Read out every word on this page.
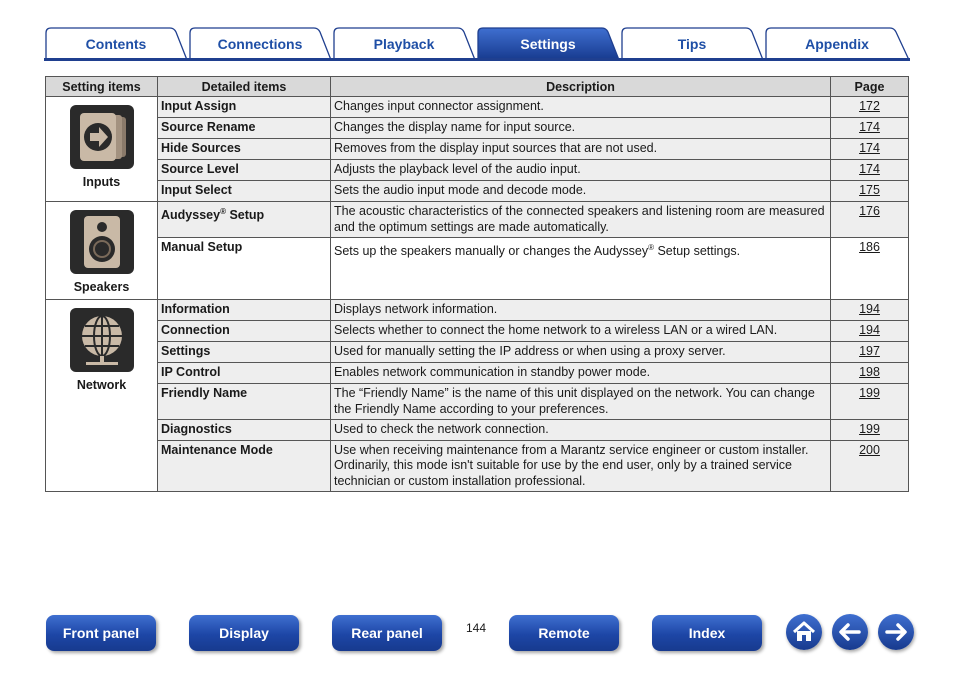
Contents	Connections	Playback	Settings	Tips	Appendix
Setting items	Detailed items	Description	Page

Inputs	Input Assign	Changes input connector assignment.	172
	Source Rename	Changes the display name for input source.	174
	Hide Sources	Removes from the display input sources that are not used.	174
	Source Level	Adjusts the playback level of the audio input.	174
	Input Select	Sets the audio input mode and decode mode.	175

Speakers	Audyssey® Setup	The acoustic characteristics of the connected speakers and listening room are measured and the optimum settings are made automatically.	176
	Manual Setup	Sets up the speakers manually or changes the Audyssey® Setup settings.	186

Network	Information	Displays network information.	194
	Connection	Selects whether to connect the home network to a wireless LAN or a wired LAN.	194
	Settings	Used for manually setting the IP address or when using a proxy server.	197
	IP Control	Enables network communication in standby power mode.	198
	Friendly Name	The “Friendly Name” is the name of this unit displayed on the network. You can change the Friendly Name according to your preferences.	199
	Diagnostics	Used to check the network connection.	199
	Maintenance Mode	Use when receiving maintenance from a Marantz service engineer or custom installer. Ordinarily, this mode isn't suitable for use by the end user, only by a trained service technician or custom installation professional.	200
Front panel	Display	Rear panel	144	Remote	Index
